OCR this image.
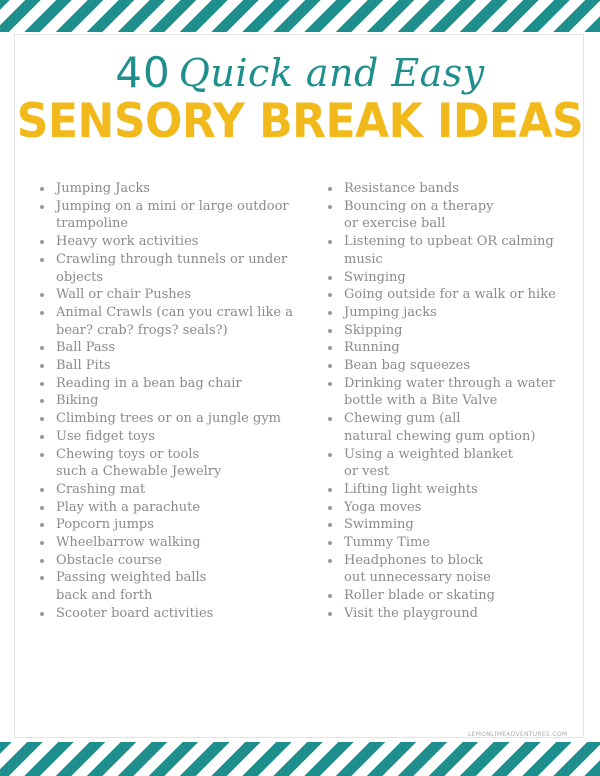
40 Quick and Easy
SENSORY BREAK IDEAS
Jumping Jacks
Jumping on a mini or large outdoor
trampoline
Heavy work activities
Crawling through tunnels or under
objects
Wall or chair Pushes
Animal Crawls (can you crawl like a
bear? crab? frogs? seals?)
Ball Pass
Ball Pits
Reading in a bean bag chair
Biking
Climbing trees or on a jungle gym
Use fidget toys
Chewing toys or tools
such a Chewable Jewelry
Crashing mat
Play with a parachute
Popcorn jumps
Wheelbarrow walking
Obstacle course
Passing weighted balls
back and forth
Scooter board activities
Resistance bands
Bouncing on a therapy
or exercise ball
Listening to upbeat OR calming
music
Swinging
Going outside for a walk or hike
Jumping jacks
Skipping
Running
Bean bag squeezes
Drinking water through a water
bottle with a Bite Valve
Chewing gum (all
natural chewing gum option)
Using a weighted blanket
or vest
Lifting light weights
Yoga moves
Swimming
Tummy Time
Headphones to block
out unnecessary noise
Roller blade or skating
Visit the playground
LEMONLIMEADVENTURES.COM
